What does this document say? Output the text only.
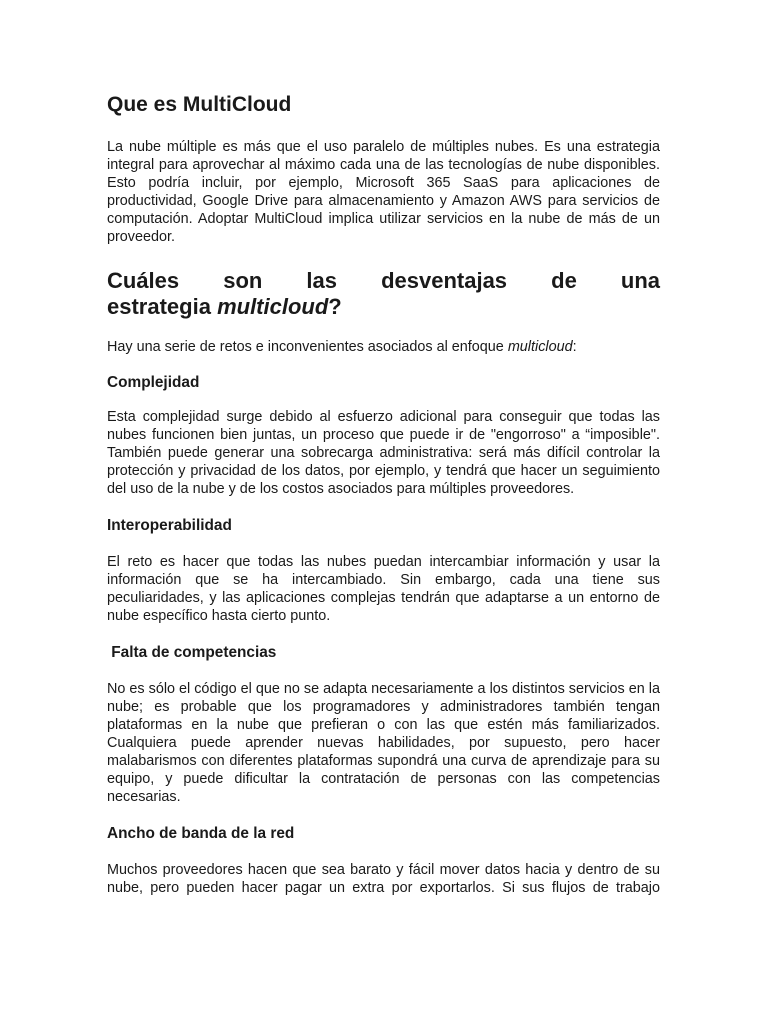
Que es MultiCloud

La nube múltiple es más que el uso paralelo de múltiples nubes. Es una estrategia integral para aprovechar al máximo cada una de las tecnologías de nube disponibles. Esto podría incluir, por ejemplo, Microsoft 365 SaaS para aplicaciones de productividad, Google Drive para almacenamiento y Amazon AWS para servicios de computación. Adoptar MultiCloud implica utilizar servicios en la nube de más de un proveedor.

Cuáles son las desventajas de una
estrategia multicloud?

Hay una serie de retos e inconvenientes asociados al enfoque multicloud:

Complejidad

Esta complejidad surge debido al esfuerzo adicional para conseguir que todas las nubes funcionen bien juntas, un proceso que puede ir de "engorroso" a “imposible". También puede generar una sobrecarga administrativa: será más difícil controlar la protección y privacidad de los datos, por ejemplo, y tendrá que hacer un seguimiento del uso de la nube y de los costos asociados para múltiples proveedores.

Interoperabilidad

El reto es hacer que todas las nubes puedan intercambiar información y usar la información que se ha intercambiado. Sin embargo, cada una tiene sus peculiaridades, y las aplicaciones complejas tendrán que adaptarse a un entorno de nube específico hasta cierto punto.

Falta de competencias

No es sólo el código el que no se adapta necesariamente a los distintos servicios en la nube; es probable que los programadores y administradores también tengan plataformas en la nube que prefieran o con las que estén más familiarizados. Cualquiera puede aprender nuevas habilidades, por supuesto, pero hacer malabarismos con diferentes plataformas supondrá una curva de aprendizaje para su equipo, y puede dificultar la contratación de personas con las competencias necesarias.

Ancho de banda de la red

Muchos proveedores hacen que sea barato y fácil mover datos hacia y dentro de su nube, pero pueden hacer pagar un extra por exportarlos. Si sus flujos de trabajo
